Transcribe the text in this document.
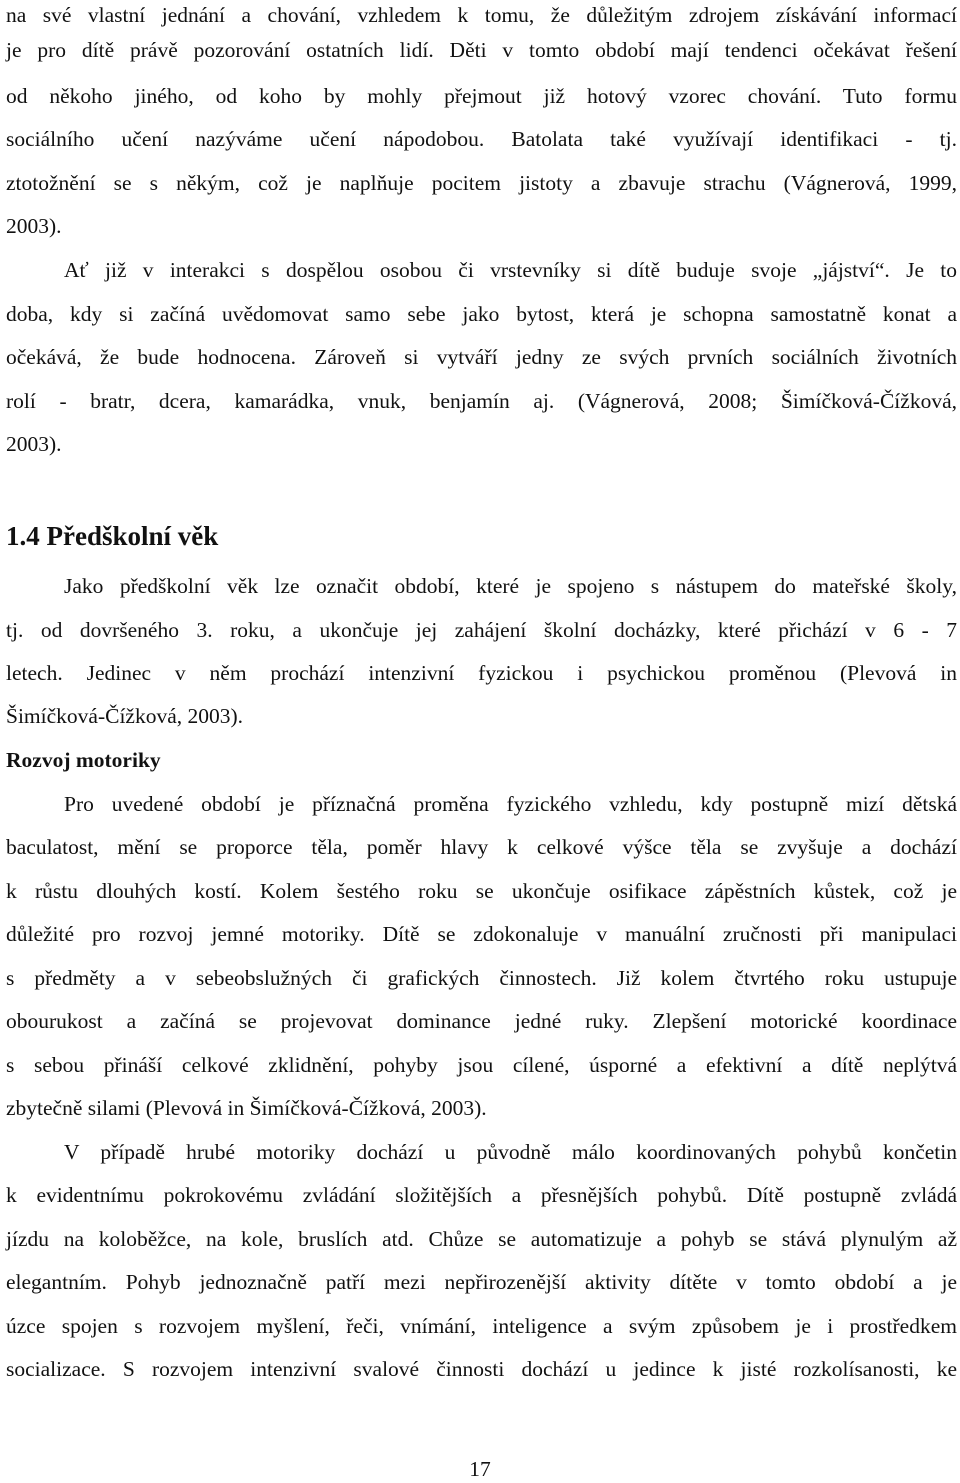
na své vlastní jednání a chování, vzhledem k tomu, že důležitým zdrojem získávání informací
je pro dítě právě pozorování ostatních lidí. Děti v tomto období mají tendenci očekávat řešení
od někoho jiného, od koho by mohly přejmout již hotový vzorec chování. Tuto formu
sociálního učení nazýváme učení nápodobou. Batolata také využívají identifikaci - tj.
ztotožnění se s někým, což je naplňuje pocitem jistoty a zbavuje strachu (Vágnerová, 1999,
2003).
Ať již v interakci s dospělou osobou či vrstevníky si dítě buduje svoje „jájství“. Je to
doba, kdy si začíná uvědomovat samo sebe jako bytost, která je schopna samostatně konat a
očekává, že bude hodnocena. Zároveň si vytváří jedny ze svých prvních sociálních životních
rolí - bratr, dcera, kamarádka, vnuk, benjamín aj. (Vágnerová, 2008; Šimíčková-Čížková,
2003).
1.4 Předškolní věk
Jako předškolní věk lze označit období, které je spojeno s nástupem do mateřské školy,
tj. od dovršeného 3. roku, a ukončuje jej zahájení školní docházky, které přichází v 6 - 7
letech. Jedinec v něm prochází intenzivní fyzickou i psychickou proměnou (Plevová in
Šimíčková-Čížková, 2003).
Rozvoj motoriky
Pro uvedené období je příznačná proměna fyzického vzhledu, kdy postupně mizí dětská
baculatost, mění se proporce těla, poměr hlavy k celkové výšce těla se zvyšuje a dochází
k růstu dlouhých kostí. Kolem šestého roku se ukončuje osifikace zápěstních kůstek, což je
důležité pro rozvoj jemné motoriky. Dítě se zdokonaluje v manuální zručnosti při manipulaci
s předměty a v sebeobslužných či grafických činnostech. Již kolem čtvrtého roku ustupuje
obourukost a začíná se projevovat dominance jedné ruky. Zlepšení motorické koordinace
s sebou přináší celkové zklidnění, pohyby jsou cílené, úsporné a efektivní a dítě neplýtvá
zbytečně silami (Plevová in Šimíčková-Čížková, 2003).
V případě hrubé motoriky dochází u původně málo koordinovaných pohybů končetin
k evidentnímu pokrokovému zvládání složitějších a přesnějších pohybů. Dítě postupně zvládá
jízdu na koloběžce, na kole, bruslích atd. Chůze se automatizuje a pohyb se stává plynulým až
elegantním. Pohyb jednoznačně patří mezi nepřirozenější aktivity dítěte v tomto období a je
úzce spojen s rozvojem myšlení, řeči, vnímání, inteligence a svým způsobem je i prostředkem
socializace. S rozvojem intenzivní svalové činnosti dochází u jedince k jisté rozkolísanosti, ke
17
